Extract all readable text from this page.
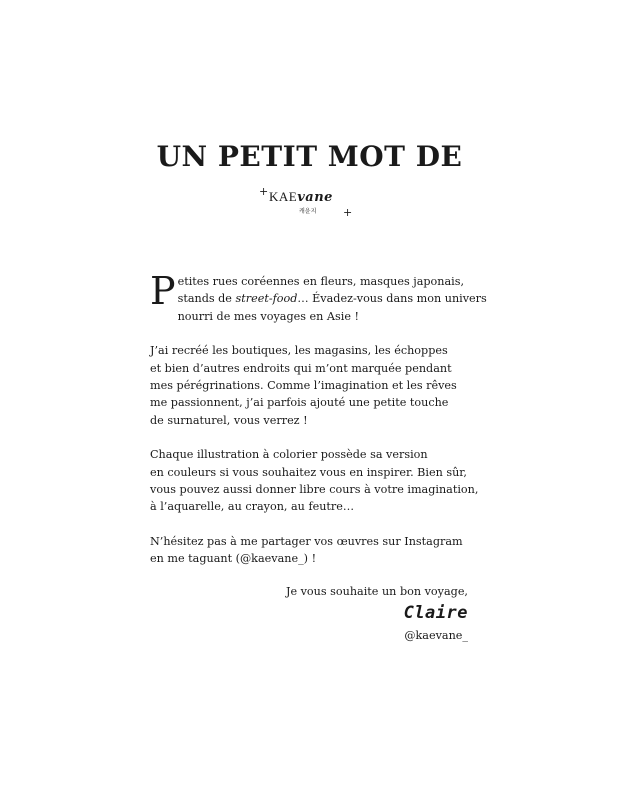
UN PETIT MOT DE
+ KAEvane
캐윤지 +

P etites rues coréennes en fleurs, masques japonais,
stands de street-food… Évadez-vous dans mon univers
nourri de mes voyages en Asie !

J’ai recréé les boutiques, les magasins, les échoppes
et bien d’autres endroits qui m’ont marquée pendant
mes pérégrinations. Comme l’imagination et les rêves
me passionnent, j’ai parfois ajouté une petite touche
de surnaturel, vous verrez !

Chaque illustration à colorier possède sa version
en couleurs si vous souhaitez vous en inspirer. Bien sûr,
vous pouvez aussi donner libre cours à votre imagination,
à l’aquarelle, au crayon, au feutre…

N’hésitez pas à me partager vos œuvres sur Instagram
en me taguant (@kaevane_) !

Je vous souhaite un bon voyage,
Claire
@kaevane_
